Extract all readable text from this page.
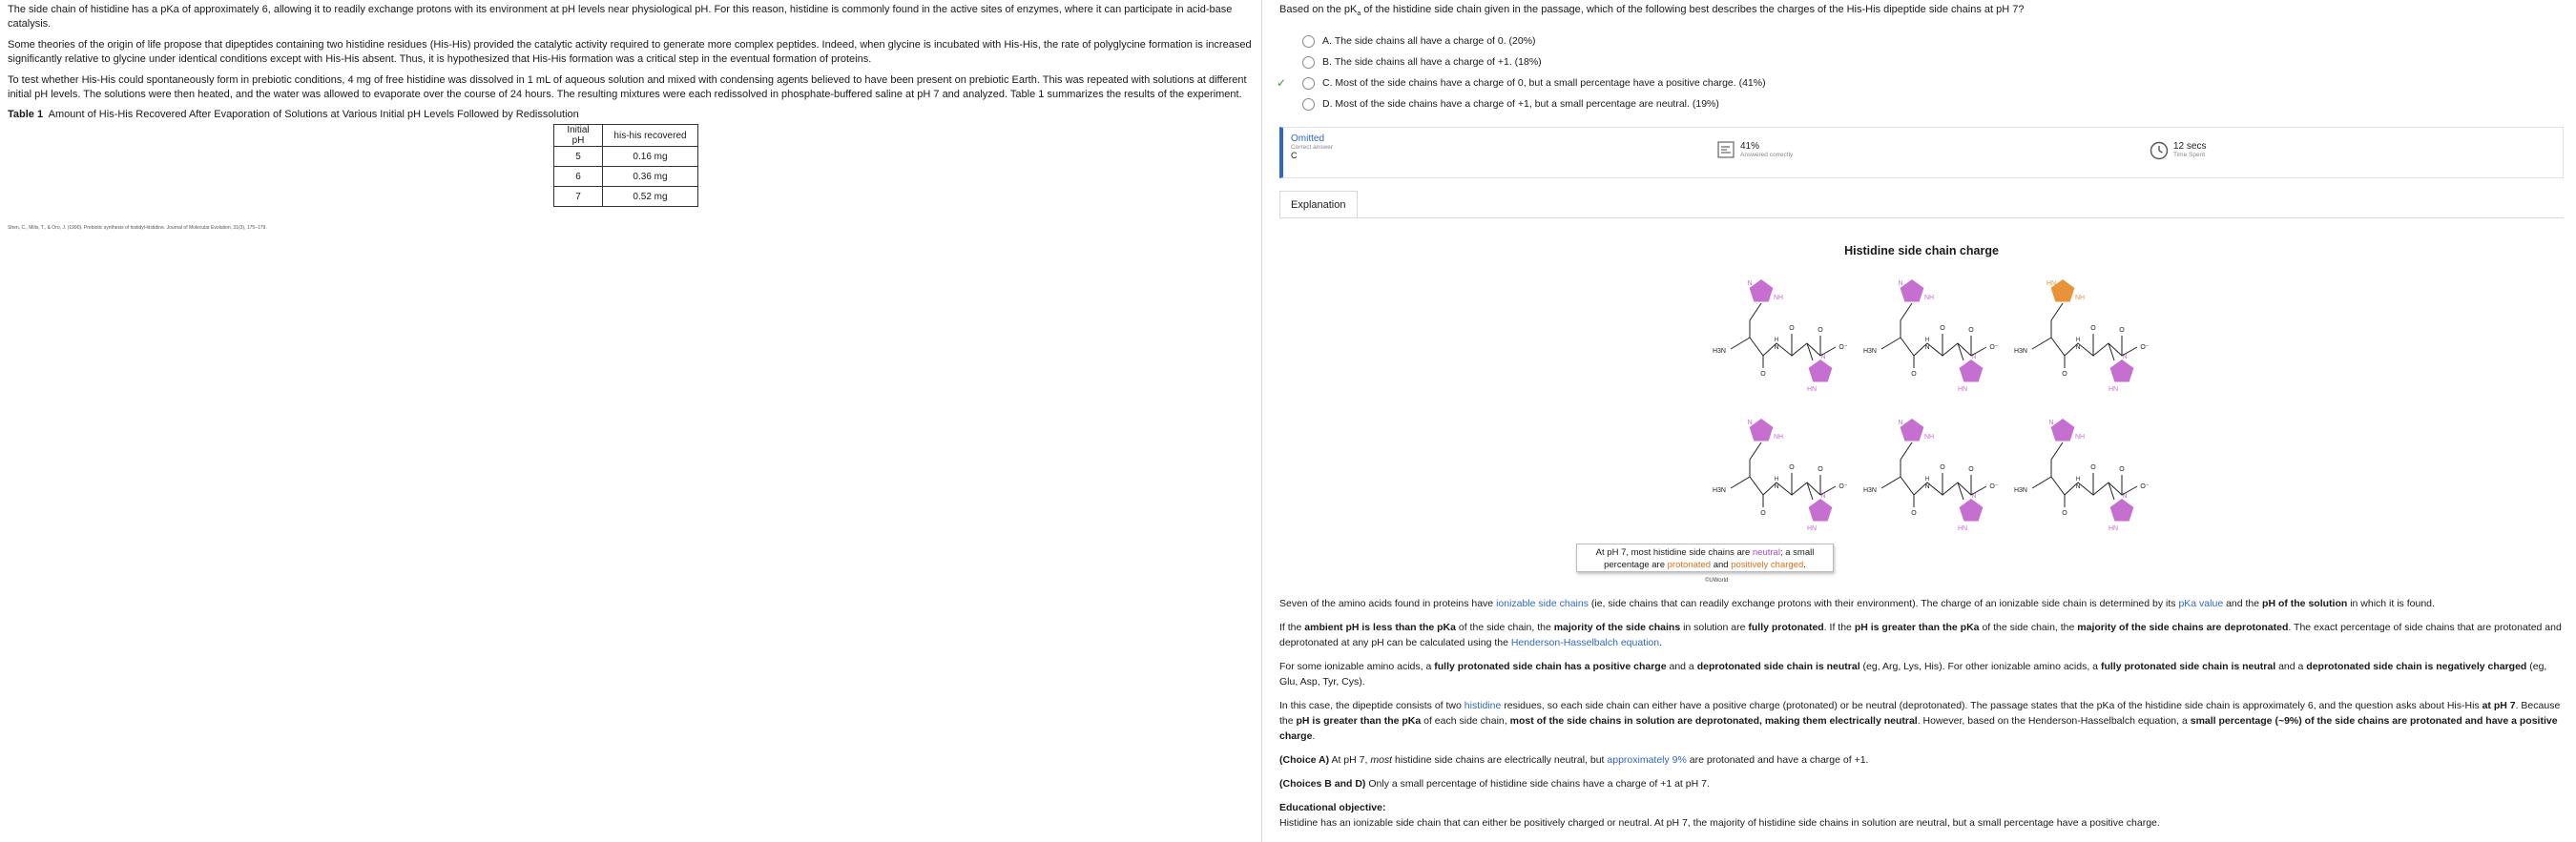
The side chain of histidine has a pKa of approximately 6, allowing it to readily exchange protons with its environment at pH levels near physiological pH. For this reason, histidine is commonly found in the active sites of enzymes, where it can participate in acid-base catalysis.

Some theories of the origin of life propose that dipeptides containing two histidine residues (His-His) provided the catalytic activity required to generate more complex peptides. Indeed, when glycine is incubated with His-His, the rate of polyglycine formation is increased significantly relative to glycine under identical conditions except with His-His absent. Thus, it is hypothesized that His-His formation was a critical step in the eventual formation of proteins.

To test whether His-His could spontaneously form in prebiotic conditions, 4 mg of free histidine was dissolved in 1 mL of aqueous solution and mixed with condensing agents believed to have been present on prebiotic Earth. This was repeated with solutions at different initial pH levels. The solutions were then heated, and the water was allowed to evaporate over the course of 24 hours. The resulting mixtures were each redissolved in phosphate-buffered saline at pH 7 and analyzed. Table 1 summarizes the results of the experiment.

Table 1 Amount of His-His Recovered After Evaporation of Solutions at Various Initial pH Levels Followed by Redissolution

Initial pH	his-his recovered
5	0.16 mg
6	0.36 mg
7	0.52 mg
Shen, C., Mills, T., & Oro, J. (1990). Prebiotic synthesis of histidyl-histidine. Journal of Molecular Evolution, 31(3), 175–179.
Based on the $pK_a$ of the histidine side chain given in the passage, which of the following best describes the charges of the His-His dipeptide side chains at pH 7?
A.
The side chains all have a charge of 0. (20%)
B.
The side chains all have a charge of +1. (18%)
✓	C.
Most of the side chains have a charge of 0, but a small percentage have a positive charge. (41%)
D.
Most of the side chains have a charge of +1, but a small percentage are neutral. (19%)
Omitted
Correct answer
C
41%
Answered correctly
12 secs
Time Spent
Explanation
Histidine side chain charge
N
NH
N
HN
H3N
O
H
N
O	O
O⁻
N
NH
N
HN
H3N
O
H
N
O	O
O⁻
HN
NH
N
HN
H3N
O
H
N
O	O
O⁻
N
NH
N
HN
H3N
O
H
N
O	O
O⁻
N
NH
N
HN
H3N
O
H
N
O	O
O⁻
N
NH
N
HN
H3N
O
H
N
O	O
O⁻
At pH 7, most histidine side chains are neutral; a small percentage are protonated and positively charged.
©UWorld

Seven of the amino acids found in proteins have ionizable side chains (ie, side chains that can readily exchange protons with their environment). The charge of an ionizable side chain is determined by its pKa value and the pH of the solution in which it is found.

If the ambient pH is less than the pKa of the side chain, the majority of the side chains in solution are fully protonated. If the pH is greater than the pKa of the side chain, the majority of the side chains are deprotonated. The exact percentage of side chains that are protonated and deprotonated at any pH can be calculated using the Henderson-Hasselbalch equation.

For some ionizable amino acids, a fully protonated side chain has a positive charge and a deprotonated side chain is neutral (eg, Arg, Lys, His). For other ionizable amino acids, a fully protonated side chain is neutral and a deprotonated side chain is negatively charged (eg, Glu, Asp, Tyr, Cys).

In this case, the dipeptide consists of two histidine residues, so each side chain can either have a positive charge (protonated) or be neutral (deprotonated). The passage states that the pKa of the histidine side chain is approximately 6, and the question asks about His-His at pH 7. Because the pH is greater than the pKa of each side chain, most of the side chains in solution are deprotonated, making them electrically neutral. However, based on the Henderson-Hasselbalch equation, a small percentage (~9%) of the side chains are protonated and have a positive charge.

(Choice A) At pH 7, most histidine side chains are electrically neutral, but approximately 9% are protonated and have a charge of +1.

(Choices B and D) Only a small percentage of histidine side chains have a charge of +1 at pH 7.

Educational objective:

Histidine has an ionizable side chain that can either be positively charged or neutral. At pH 7, the majority of histidine side chains in solution are neutral, but a small percentage have a positive charge.
